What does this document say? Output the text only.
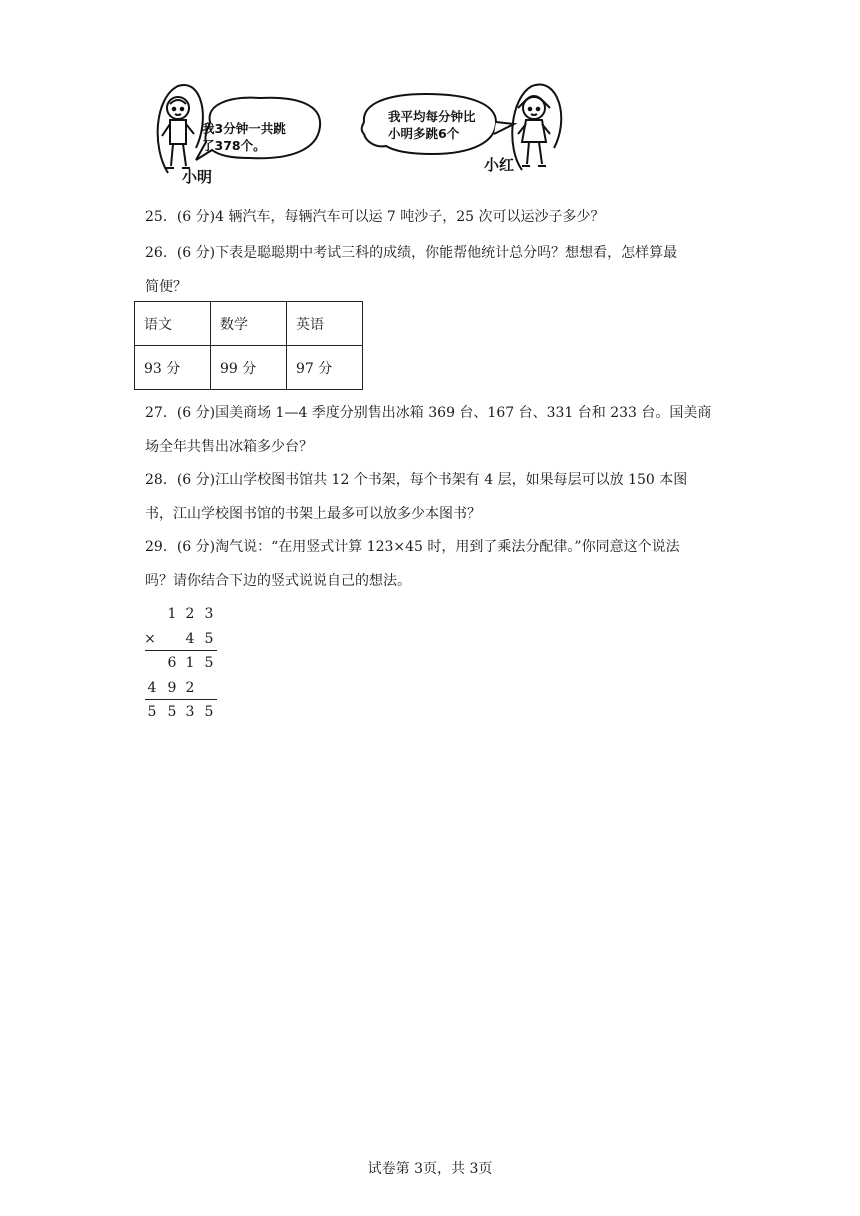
我3分钟一共跳
了378个。
小明
我平均每分钟比
小明多跳6个
小红
25．(6 分)4 辆汽车，每辆汽车可以运 7 吨沙子，25 次可以运沙子多少？
26．(6 分)下表是聪聪期中考试三科的成绩，你能帮他统计总分吗？想想看，怎样算最
简便？
语文	数学	英语
93 分	99 分	97 分
27．(6 分)国美商场 1—4 季度分别售出冰箱 369 台、167 台、331 台和 233 台。国美商
场全年共售出冰箱多少台？
28．(6 分)江山学校图书馆共 12 个书架，每个书架有 4 层，如果每层可以放 150 本图
书，江山学校图书馆的书架上最多可以放多少本图书？
29．(6 分)淘气说：“在用竖式计算 123×45 时，用到了乘法分配律。”你同意这个说法
吗？请你结合下边的竖式说说自己的想法。
1 2 3
× 4 5
6 1 5
4 9 2
5 5 3 5
试卷第 3页，共 3页
